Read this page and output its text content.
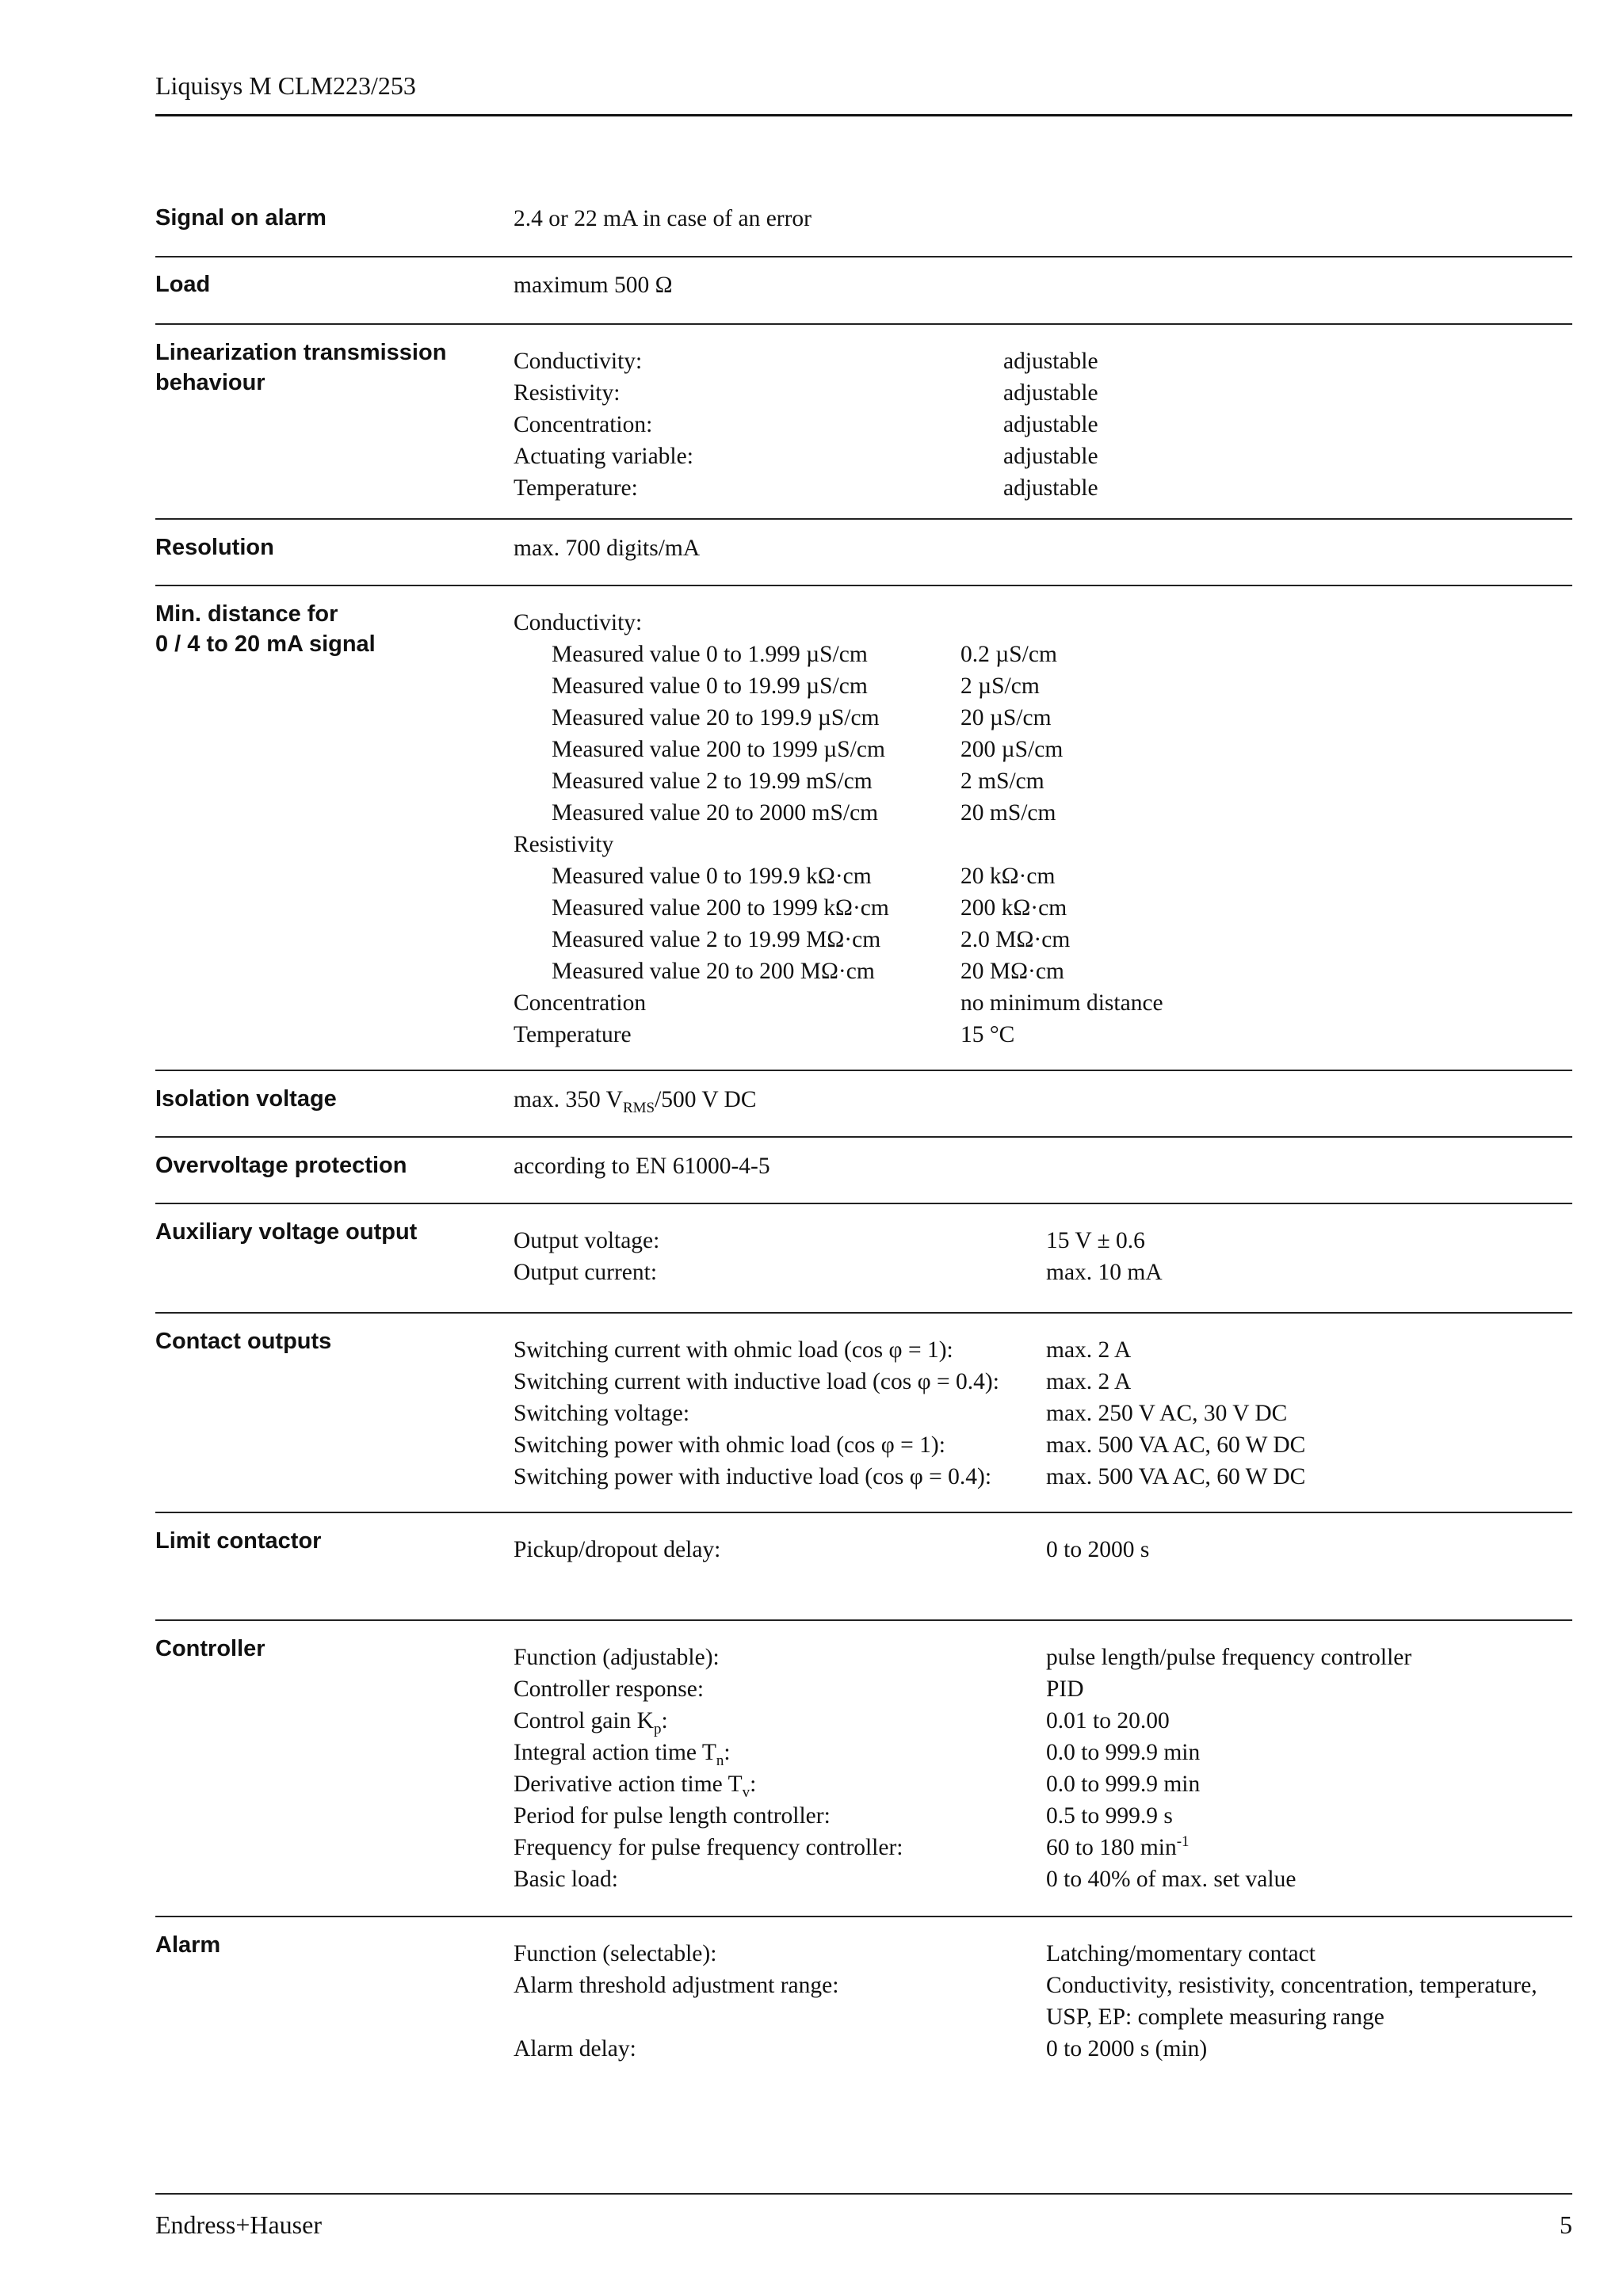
Liquisys M CLM223/253
Signal on alarm	2.4 or 22 mA in case of an error
Load	maximum 500 Ω
Linearization transmission
behaviour
Conductivity:	adjustable
Resistivity:	adjustable
Concentration:	adjustable
Actuating variable:	adjustable
Temperature:	adjustable
Resolution	max. 700 digits/mA
Min. distance for
0 / 4 to 20 mA signal
Conductivity:
Measured value 0 to 1.999 µS/cm	0.2 µS/cm
Measured value 0 to 19.99 µS/cm	2 µS/cm
Measured value 20 to 199.9 µS/cm	20 µS/cm
Measured value 200 to 1999 µS/cm	200 µS/cm
Measured value 2 to 19.99 mS/cm	2 mS/cm
Measured value 20 to 2000 mS/cm	20 mS/cm
Resistivity
Measured value 0 to 199.9 kΩ·cm	20 kΩ·cm
Measured value 200 to 1999 kΩ·cm	200 kΩ·cm
Measured value 2 to 19.99 MΩ·cm	2.0 MΩ·cm
Measured value 20 to 200 MΩ·cm	20 MΩ·cm
Concentration	no minimum distance
Temperature	15 °C
Isolation voltage	max. 350 $V_{RMS}/500$ V DC
Overvoltage protection	according to EN 61000-4-5
Auxiliary voltage output	Output voltage:	15 V ± 0.6
Output current:	max. 10 mA
Contact outputs	Switching current with ohmic load (cos φ = 1):	max. 2 A
Switching current with inductive load (cos φ = 0.4): max. 2 A
Switching voltage:	max. 250 V AC, 30 V DC
Switching power with ohmic load (cos φ = 1):	max. 500 VA AC, 60 W DC
Switching power with inductive load (cos φ = 0.4): max. 500 VA AC, 60 W DC
Limit contactor	Pickup/dropout delay:	0 to 2000 s
Controller	Function (adjustable):	pulse length/pulse frequency controller
Controller response:	PID
Control gain $K_p$:	0.01 to 20.00
Integral action time $T_n$:	0.0 to 999.9 min
Derivative action time $T_v$:	0.0 to 999.9 min
Period for pulse length controller:	0.5 to 999.9 s
Frequency for pulse frequency controller:	60 to 180 $\min^{-1}$
Basic load:	0 to 40% of max. set value
Alarm	Function (selectable):	Latching/momentary contact
Alarm threshold adjustment range:	Conductivity, resistivity, concentration, temperature, USP, EP: complete measuring range
Alarm delay:	0 to 2000 s (min)
Endress+Hauser	5
